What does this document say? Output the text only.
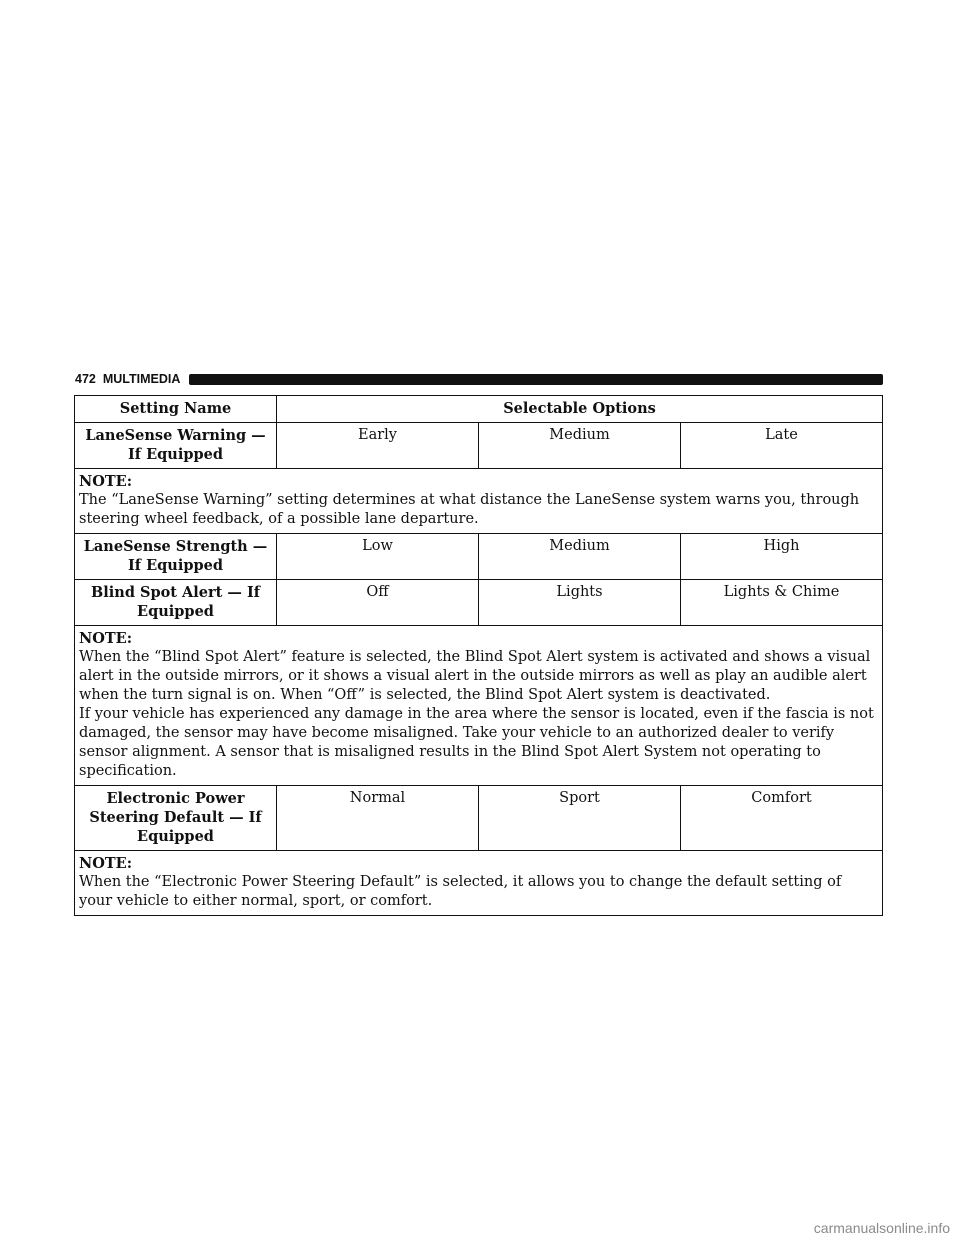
472 MULTIMEDIA
Setting Name	Selectable Options		
LaneSense Warning — If Equipped	Early	Medium	Late

NOTE:
The “LaneSense Warning” setting determines at what distance the LaneSense system warns you, through steering wheel feedback, of a possible lane departure.			

LaneSense Strength — If Equipped	Low	Medium	High
Blind Spot Alert — If Equipped	Off	Lights	Lights & Chime

NOTE:
When the “Blind Spot Alert” feature is selected, the Blind Spot Alert system is activated and shows a visual alert in the outside mirrors, or it shows a visual alert in the outside mirrors as well as play an audible alert when the turn signal is on. When “Off” is selected, the Blind Spot Alert system is deactivated.
If your vehicle has experienced any damage in the area where the sensor is located, even if the fascia is not damaged, the sensor may have become misaligned. Take your vehicle to an authorized dealer to verify sensor alignment. A sensor that is misaligned results in the Blind Spot Alert System not operating to specification.			

Electronic Power Steering Default — If Equipped	Normal	Sport	Comfort

NOTE:
When the “Electronic Power Steering Default” is selected, it allows you to change the default setting of your vehicle to either normal, sport, or comfort.			
carmanualsonline.info
